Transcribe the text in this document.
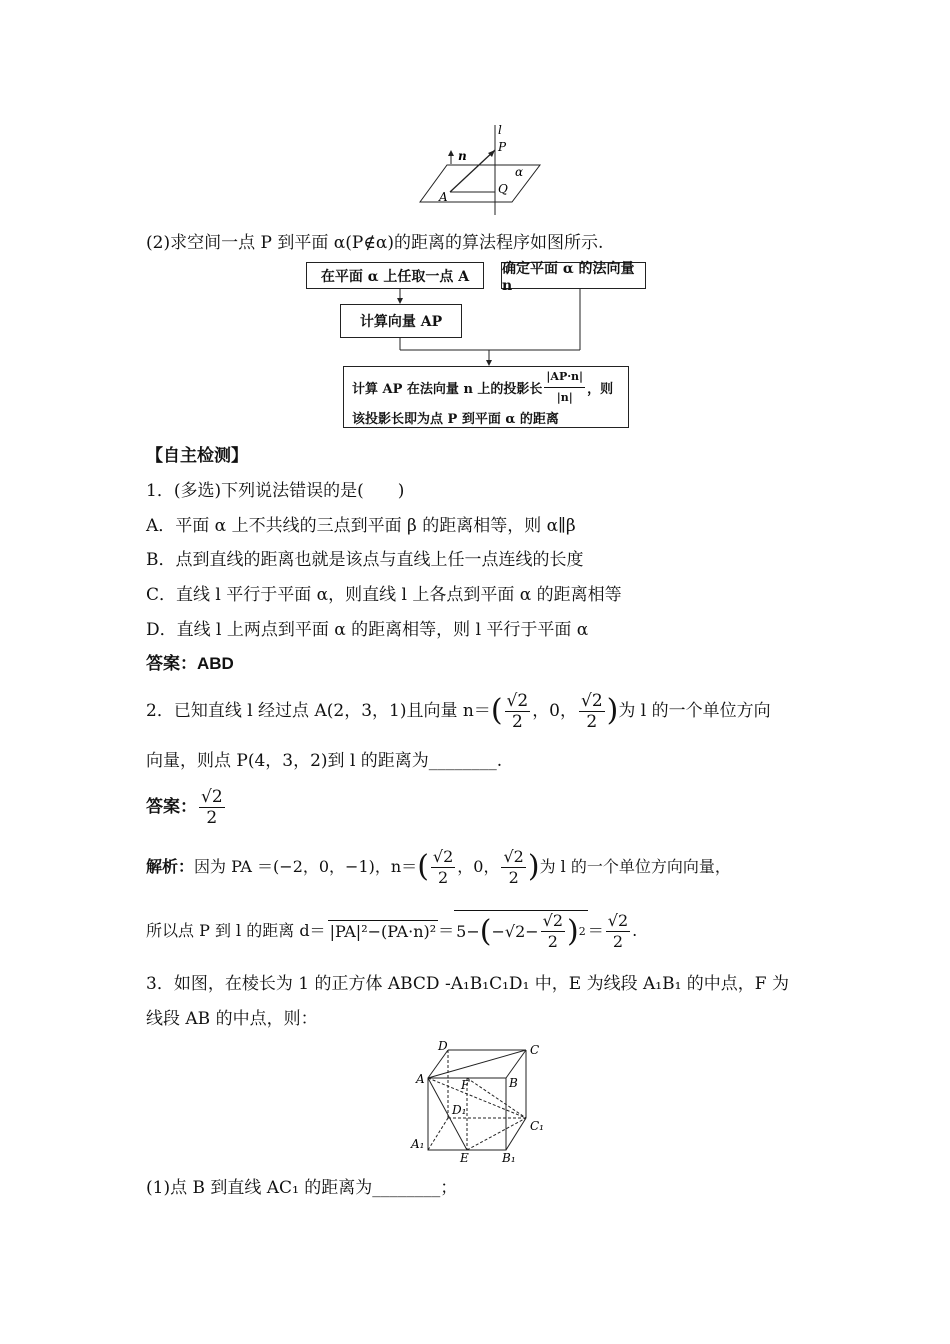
l
P
n
α
A
Q
(2)求空间一点 P 到平面 α(P∉α)的距离的算法程序如图所示.
在平面 α 上任取一点 A	确定平面 α 的法向量 n
计算向量 AP
计算 AP 在法向量 n 上的投影长 $\frac{|AP\cdot n|}{|n|}$ ，则
该投影长即为点 P 到平面 α 的距离
【自主检测】
1．(多选)下列说法错误的是(　　)
A．平面 α 上不共线的三点到平面 β 的距离相等，则 α∥β
B．点到直线的距离也就是该点与直线上任一点连线的长度
C．直线 l 平行于平面 α，则直线 l 上各点到平面 α 的距离相等
D．直线 l 上两点到平面 α 的距离相等，则 l 平行于平面 α
答案：ABD
2．已知直线 l 经过点 A(2，3，1)且向量 n＝ ( $\frac{√2}{2}$ ，0， $\frac{√2}{2}$ ) 为 l 的一个单位方向
向量，则点 P(4，3，2)到 l 的距离为________.
答案： $\frac{√2}{2}$
解析： 因为 PA ＝(−2，0，−1)，n＝ ( $\frac{√2}{2}$ ，0， $\frac{√2}{2}$ ) 为 l 的一个单位方向向量，
所以点 P 到 l 的距离 d＝ |PA|²−(PA·n)² ＝ 5− ( $-√2- \frac{√2}{2}$ ) $2 = \frac{√2}{2}$ .
3．如图，在棱长为 1 的正方体 ABCD -A₁B₁C₁D₁ 中，E 为线段 A₁B₁ 的中点，F 为
线段 AB 的中点，则：
D	C
A	F	B
D₁
C₁
A₁
E	B₁
(1)点 B 到直线 AC₁ 的距离为________；
